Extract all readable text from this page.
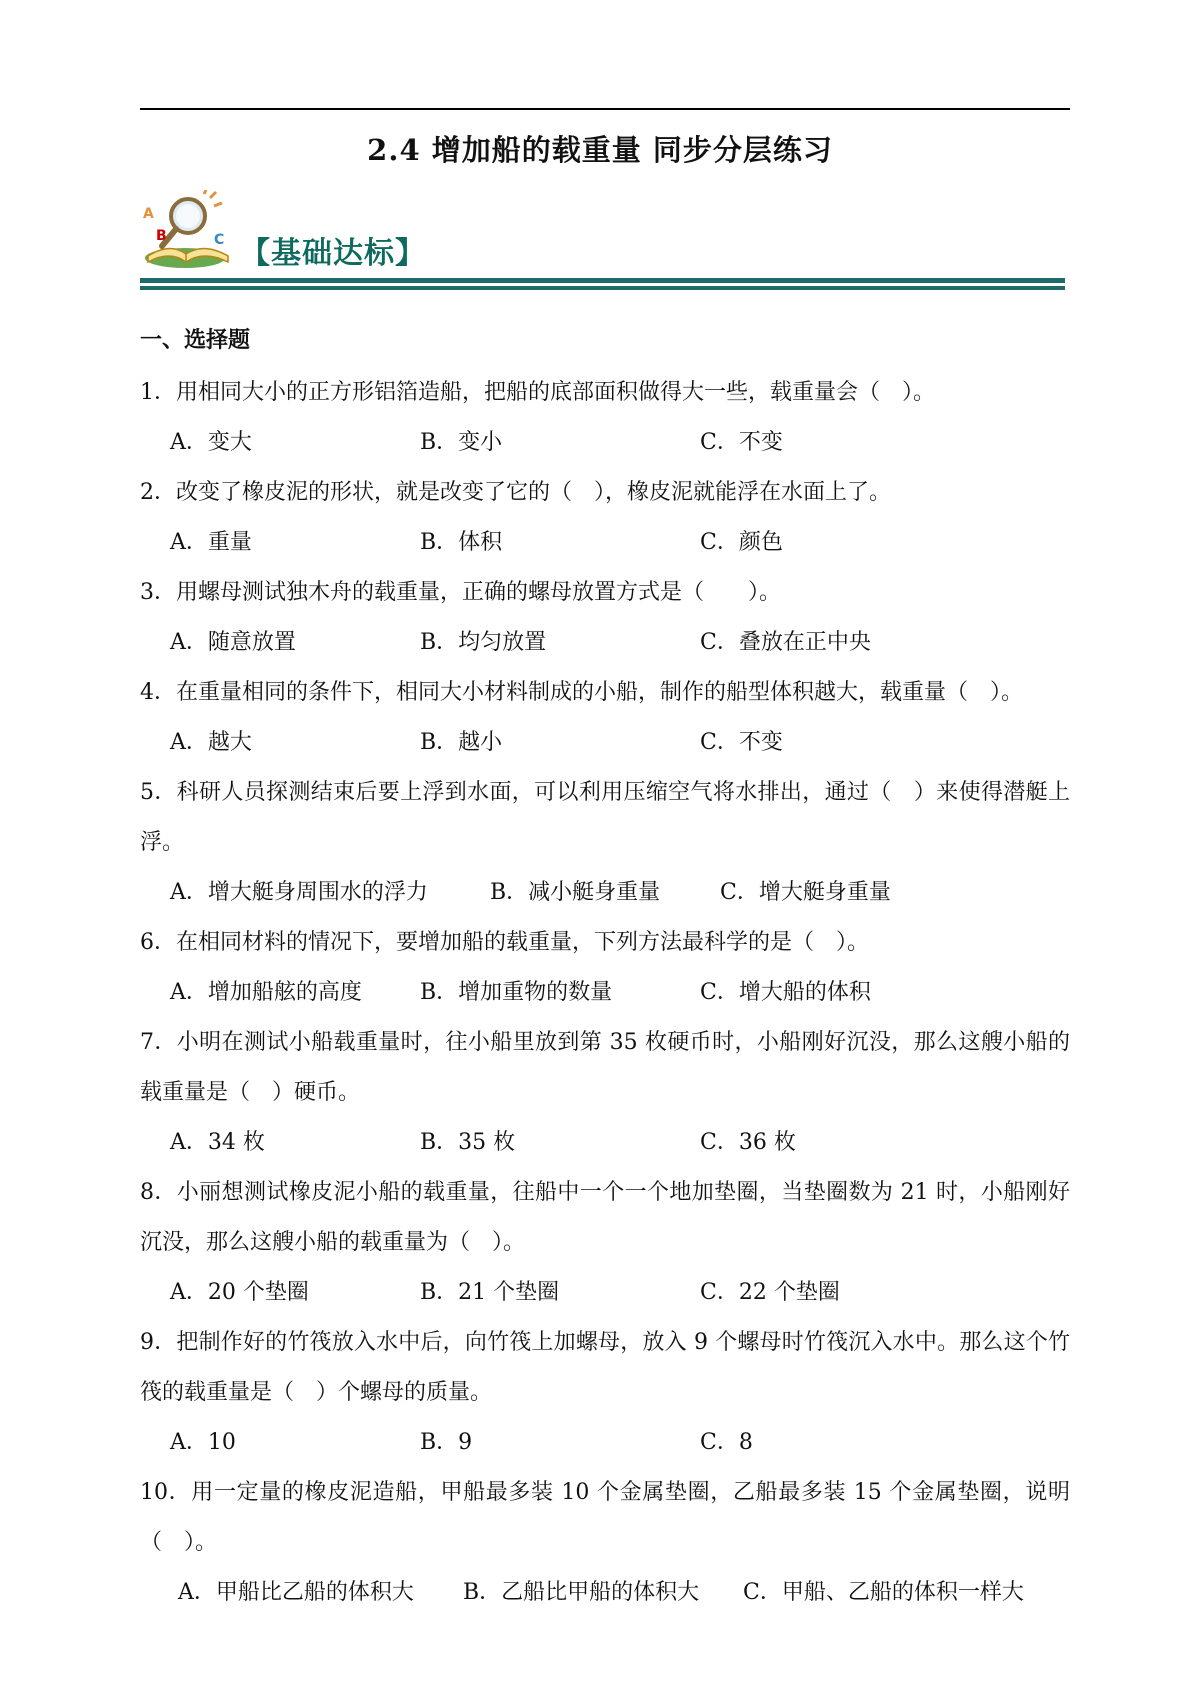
2.4 增加船的载重量 同步分层练习
A
B	C 【基础达标】
一、选择题

1．用相同大小的正方形铝箔造船，把船的底部面积做得大一些，载重量会（　）。

A．变大	B．变小	C．不变

2．改变了橡皮泥的形状，就是改变了它的（　），橡皮泥就能浮在水面上了。

A．重量	B．体积	C．颜色

3．用螺母测试独木舟的载重量，正确的螺母放置方式是（　　）。

A．随意放置	B．均匀放置	C．叠放在正中央

4．在重量相同的条件下，相同大小材料制成的小船，制作的船型体积越大，载重量（　）。

A．越大	B．越小	C．不变

5．科研人员探测结束后要上浮到水面，可以利用压缩空气将水排出，通过（　）来使得潜艇上浮。

A．增大艇身周围水的浮力	B．减小艇身重量	C．增大艇身重量

6．在相同材料的情况下，要增加船的载重量，下列方法最科学的是（　）。

A．增加船舷的高度	B．增加重物的数量	C．增大船的体积

7．小明在测试小船载重量时，往小船里放到第 35 枚硬币时，小船刚好沉没，那么这艘小船的载重量是（　）硬币。

A．34 枚	B．35 枚	C．36 枚

8．小丽想测试橡皮泥小船的载重量，往船中一个一个地加垫圈，当垫圈数为 21 时，小船刚好沉没，那么这艘小船的载重量为（　）。

A．20 个垫圈	B．21 个垫圈	C．22 个垫圈

9．把制作好的竹筏放入水中后，向竹筏上加螺母，放入 9 个螺母时竹筏沉入水中。那么这个竹筏的载重量是（　）个螺母的质量。

A．10	B．9	C．8

10．用一定量的橡皮泥造船，甲船最多装 10 个金属垫圈，乙船最多装 15 个金属垫圈，说明（　）。

A．甲船比乙船的体积大 B．乙船比甲船的体积大 C．甲船、乙船的体积一样大
